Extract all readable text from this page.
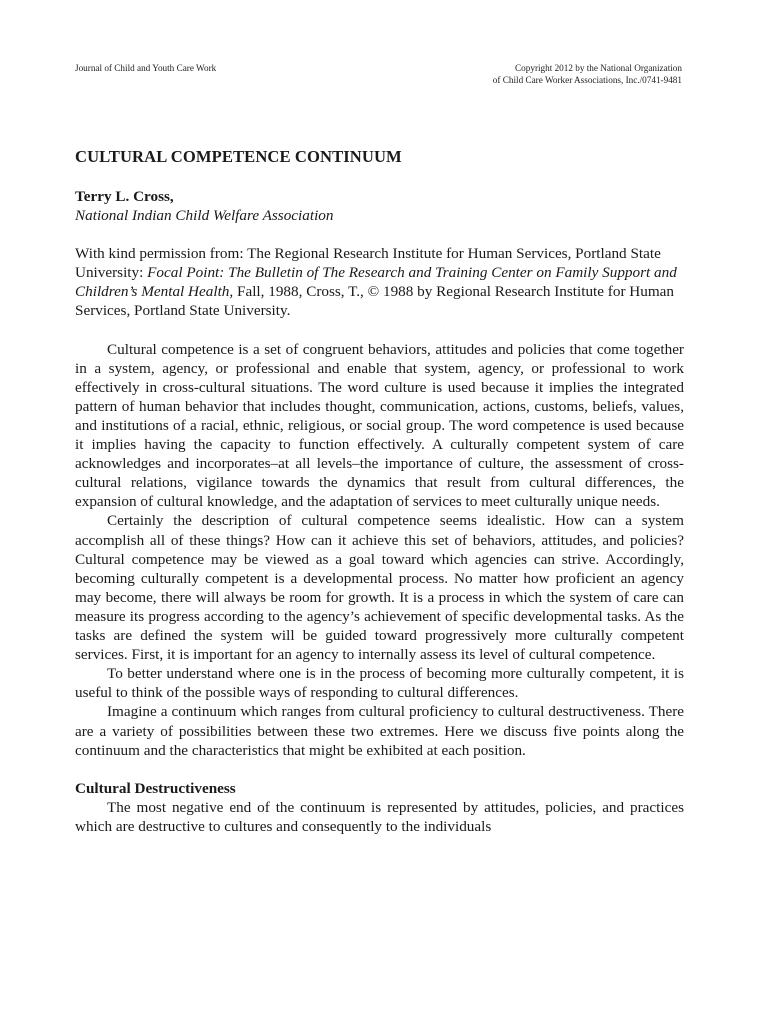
Journal of Child and Youth Care Work	Copyright 2012 by the National Organization
of Child Care Worker Associations, Inc./0741-9481
CULTURAL COMPETENCE CONTINUUM

Terry L. Cross,

National Indian Child Welfare Association

With kind permission from: The Regional Research Institute for Human Services, Portland State University: Focal Point: The Bulletin of The Research and Training Center on Family Support and Children’s Mental Health, Fall, 1988, Cross, T., © 1988 by Regional Research Institute for Human Services, Portland State University.

Cultural competence is a set of congruent behaviors, attitudes and policies that come together in a system, agency, or professional and enable that system, agency, or professional to work effectively in cross-cultural situations. The word culture is used because it implies the integrated pattern of human behavior that includes thought, communication, actions, customs, beliefs, values, and institutions of a racial, ethnic, religious, or social group. The word competence is used because it implies having the capacity to function effectively. A culturally competent system of care acknowledges and incorporates–at all levels–the importance of culture, the assessment of cross-cultural relations, vigilance towards the dynamics that result from cultural differences, the expansion of cultural knowledge, and the adaptation of services to meet culturally unique needs.

Certainly the description of cultural competence seems idealistic. How can a system accomplish all of these things? How can it achieve this set of behaviors, attitudes, and policies? Cultural competence may be viewed as a goal toward which agencies can strive. Accordingly, becoming culturally competent is a developmental process. No matter how proficient an agency may become, there will always be room for growth. It is a process in which the system of care can measure its progress according to the agency’s achievement of specific developmental tasks. As the tasks are defined the system will be guided toward progressively more culturally competent services. First, it is important for an agency to internally assess its level of cultural competence.

To better understand where one is in the process of becoming more culturally competent, it is useful to think of the possible ways of responding to cultural differences.

Imagine a continuum which ranges from cultural proficiency to cultural destructiveness. There are a variety of possibilities between these two extremes. Here we discuss five points along the continuum and the characteristics that might be exhibited at each position.

Cultural Destructiveness

The most negative end of the continuum is represented by attitudes, policies, and practices which are destructive to cultures and consequently to the individuals
